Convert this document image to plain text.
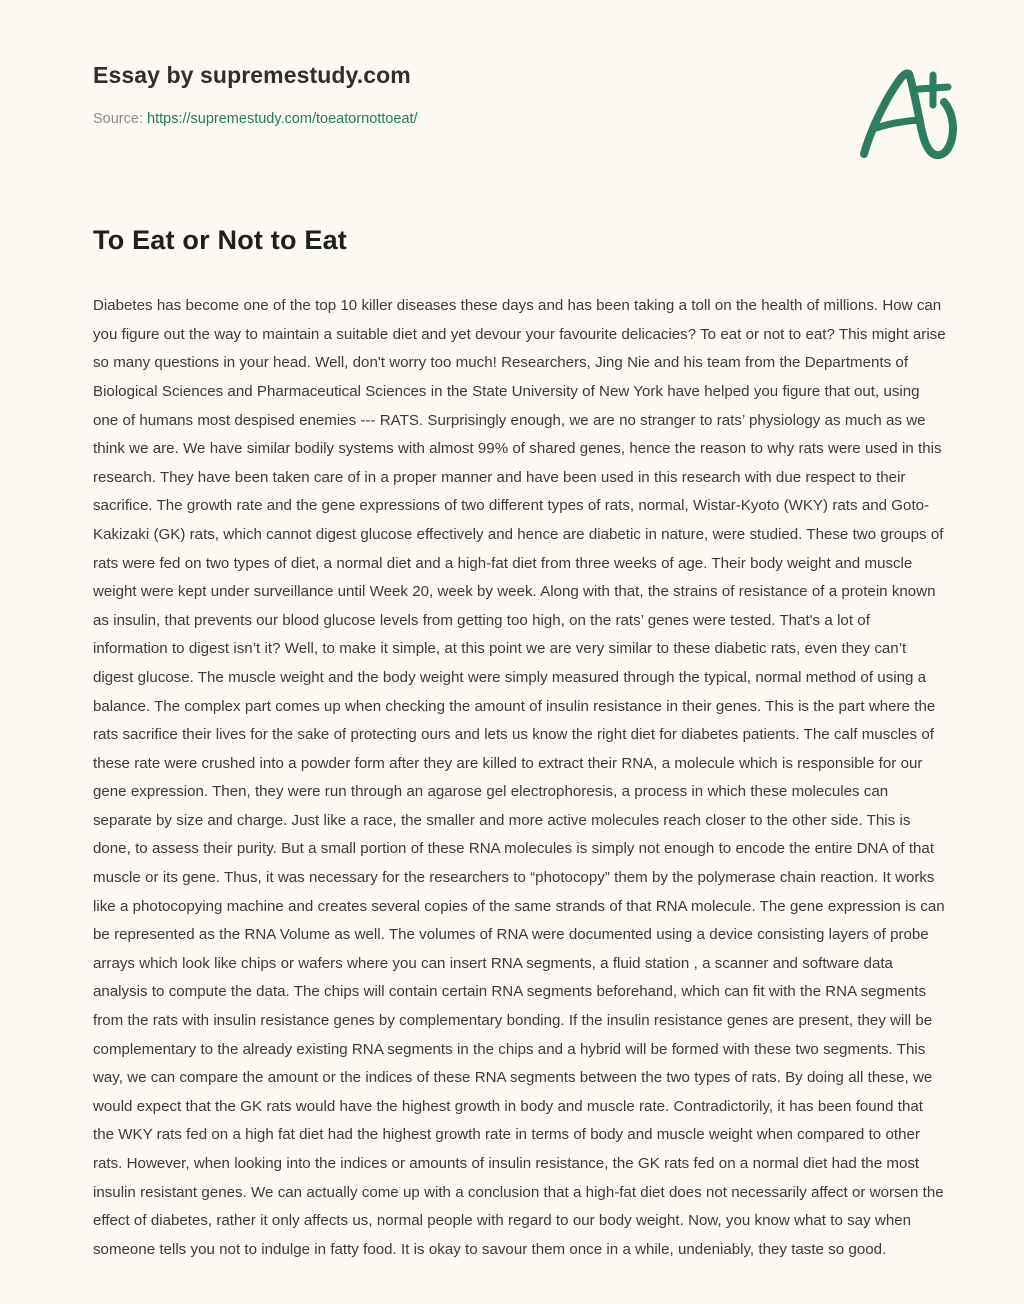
Essay by supremestudy.com
Source: https://supremestudy.com/toeatornottoeat/
To Eat or Not to Eat
Diabetes has become one of the top 10 killer diseases these days and has been taking a toll on the health of millions. How can you figure out the way to maintain a suitable diet and yet devour your favourite delicacies? To eat or not to eat? This might arise so many questions in your head. Well, don't worry too much! Researchers, Jing Nie and his team from the Departments of Biological Sciences and Pharmaceutical Sciences in the State University of New York have helped you figure that out, using one of humans most despised enemies --- RATS. Surprisingly enough, we are no stranger to rats’ physiology as much as we think we are. We have similar bodily systems with almost 99% of shared genes, hence the reason to why rats were used in this research. They have been taken care of in a proper manner and have been used in this research with due respect to their sacrifice. The growth rate and the gene expressions of two different types of rats, normal, Wistar-Kyoto (WKY) rats and Goto-Kakizaki (GK) rats, which cannot digest glucose effectively and hence are diabetic in nature, were studied. These two groups of rats were fed on two types of diet, a normal diet and a high-fat diet from three weeks of age. Their body weight and muscle weight were kept under surveillance until Week 20, week by week. Along with that, the strains of resistance of a protein known as insulin, that prevents our blood glucose levels from getting too high, on the rats’ genes were tested. That's a lot of information to digest isn’t it? Well, to make it simple, at this point we are very similar to these diabetic rats, even they can’t digest glucose. The muscle weight and the body weight were simply measured through the typical, normal method of using a balance. The complex part comes up when checking the amount of insulin resistance in their genes. This is the part where the rats sacrifice their lives for the sake of protecting ours and lets us know the right diet for diabetes patients. The calf muscles of these rate were crushed into a powder form after they are killed to extract their RNA, a molecule which is responsible for our gene expression. Then, they were run through an agarose gel electrophoresis, a process in which these molecules can separate by size and charge. Just like a race, the smaller and more active molecules reach closer to the other side. This is done, to assess their purity. But a small portion of these RNA molecules is simply not enough to encode the entire DNA of that muscle or its gene. Thus, it was necessary for the researchers to “photocopy” them by the polymerase chain reaction. It works like a photocopying machine and creates several copies of the same strands of that RNA molecule. The gene expression is can be represented as the RNA Volume as well. The volumes of RNA were documented using a device consisting layers of probe arrays which look like chips or wafers where you can insert RNA segments, a fluid station , a scanner and software data analysis to compute the data. The chips will contain certain RNA segments beforehand, which can fit with the RNA segments from the rats with insulin resistance genes by complementary bonding. If the insulin resistance genes are present, they will be complementary to the already existing RNA segments in the chips and a hybrid will be formed with these two segments. This way, we can compare the amount or the indices of these RNA segments between the two types of rats. By doing all these, we would expect that the GK rats would have the highest growth in body and muscle rate. Contradictorily, it has been found that the WKY rats fed on a high fat diet had the highest growth rate in terms of body and muscle weight when compared to other rats. However, when looking into the indices or amounts of insulin resistance, the GK rats fed on a normal diet had the most insulin resistant genes. We can actually come up with a conclusion that a high-fat diet does not necessarily affect or worsen the effect of diabetes, rather it only affects us, normal people with regard to our body weight. Now, you know what to say when someone tells you not to indulge in fatty food. It is okay to savour them once in a while, undeniably, they taste so good.
